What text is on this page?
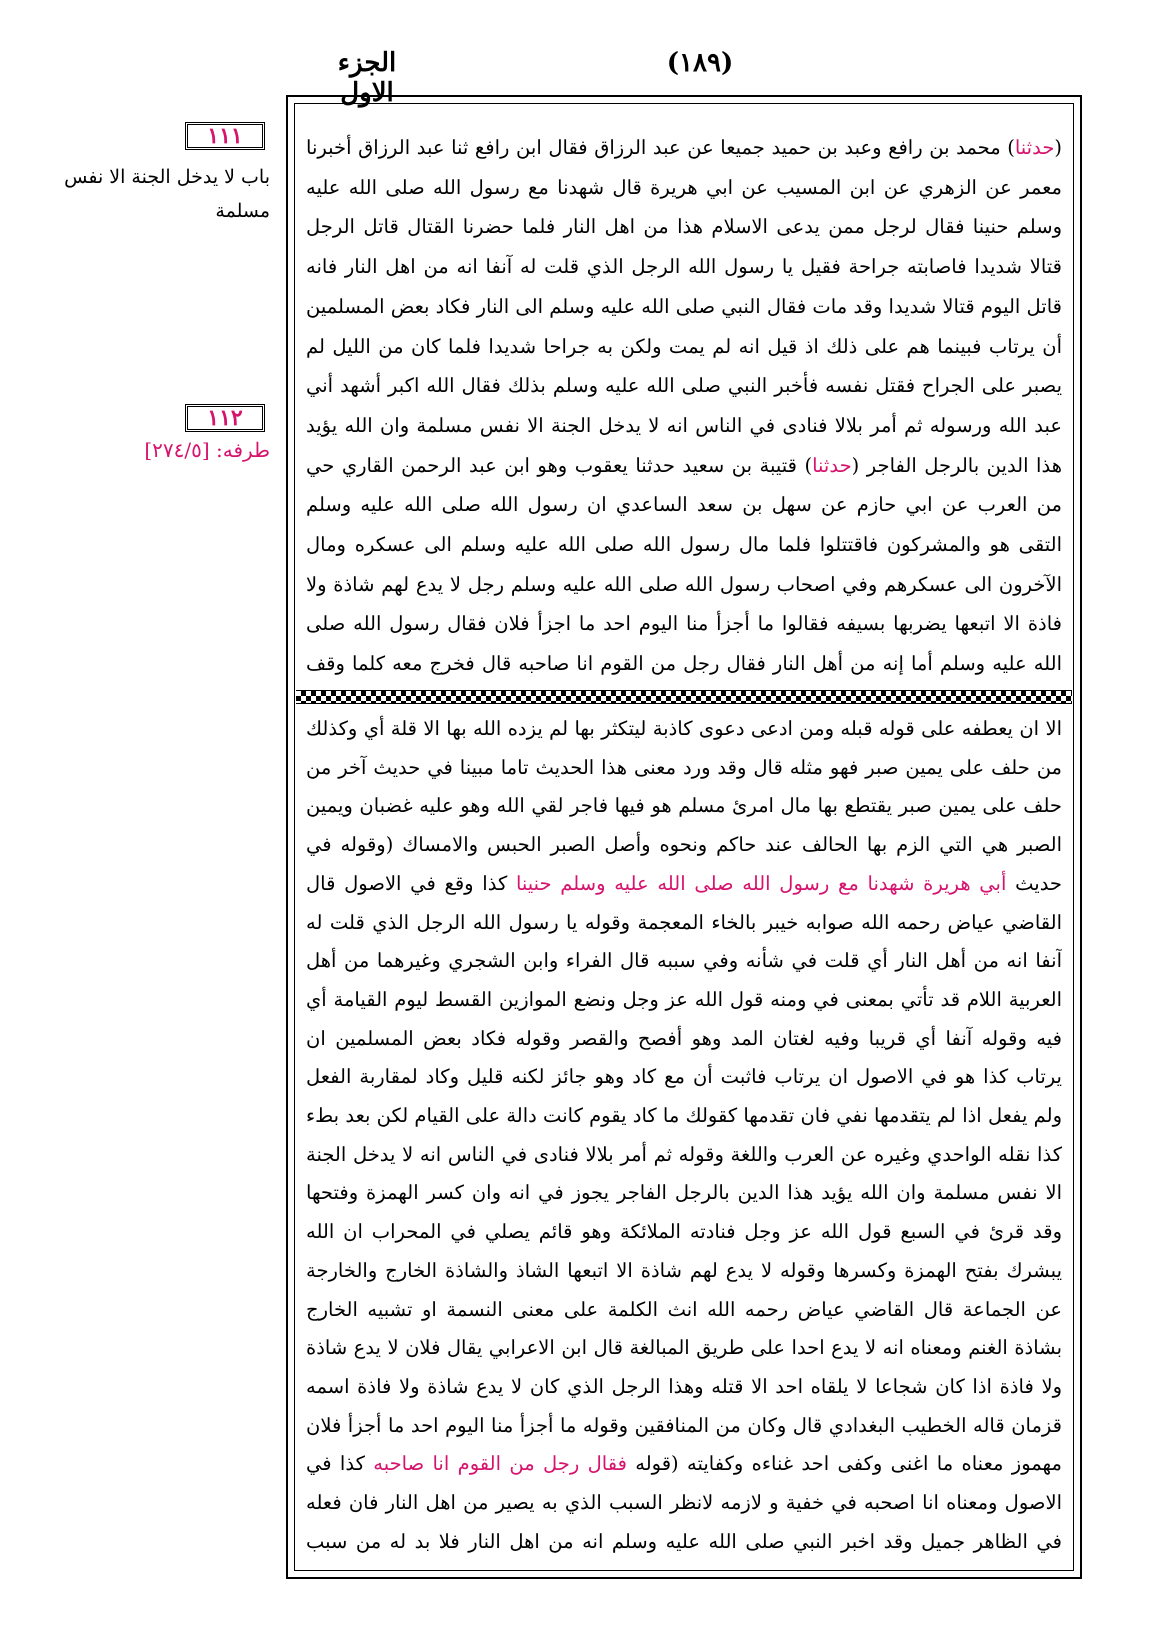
الجزء الاول
(١٨٩)
١١١
باب لا يدخل الجنة الا نفس مسلمة
١١٢
طرفه: [٢٧٤/٥]

(حدثنا) محمد بن رافع وعبد بن حميد جميعا عن عبد الرزاق فقال ابن رافع ثنا عبد الرزاق أخبرنا معمر عن الزهري عن ابن المسيب عن ابي هريرة قال شهدنا مع رسول الله صلى الله عليه وسلم حنينا فقال لرجل ممن يدعى الاسلام هذا من اهل النار فلما حضرنا القتال قاتل الرجل قتالا شديدا فاصابته جراحة فقيل يا رسول الله الرجل الذي قلت له آنفا انه من اهل النار فانه قاتل اليوم قتالا شديدا وقد مات فقال النبي صلى الله عليه وسلم الى النار فكاد بعض المسلمين أن يرتاب فبينما هم على ذلك اذ قيل انه لم يمت ولكن به جراحا شديدا فلما كان من الليل لم يصبر على الجراح فقتل نفسه فأخبر النبي صلى الله عليه وسلم بذلك فقال الله اكبر أشهد أني عبد الله ورسوله ثم أمر بلالا فنادى في الناس انه لا يدخل الجنة الا نفس مسلمة وان الله يؤيد هذا الدين بالرجل الفاجر (حدثنا) قتيبة بن سعيد حدثنا يعقوب وهو ابن عبد الرحمن القاري حي من العرب عن ابي حازم عن سهل بن سعد الساعدي ان رسول الله صلى الله عليه وسلم التقى هو والمشركون فاقتتلوا فلما مال رسول الله صلى الله عليه وسلم الى عسكره ومال الآخرون الى عسكرهم وفي اصحاب رسول الله صلى الله عليه وسلم رجل لا يدع لهم شاذة ولا فاذة الا اتبعها يضربها بسيفه فقالوا ما أجزأ منا اليوم احد ما اجزأ فلان فقال رسول الله صلى الله عليه وسلم أما إنه من أهل النار فقال رجل من القوم انا صاحبه قال فخرج معه كلما وقف

الا ان يعطفه على قوله قبله ومن ادعى دعوى كاذبة ليتكثر بها لم يزده الله بها الا قلة أي وكذلك من حلف على يمين صبر فهو مثله قال وقد ورد معنى هذا الحديث تاما مبينا في حديث آخر من حلف على يمين صبر يقتطع بها مال امرئ مسلم هو فيها فاجر لقي الله وهو عليه غضبان ويمين الصبر هي التي الزم بها الحالف عند حاكم ونحوه وأصل الصبر الحبس والامساك (وقوله في حديث أبي هريرة شهدنا مع رسول الله صلى الله عليه وسلم حنينا كذا وقع في الاصول قال القاضي عياض رحمه الله صوابه خيبر بالخاء المعجمة وقوله يا رسول الله الرجل الذي قلت له آنفا انه من أهل النار أي قلت في شأنه وفي سببه قال الفراء وابن الشجري وغيرهما من أهل العربية اللام قد تأتي بمعنى في ومنه قول الله عز وجل ونضع الموازين القسط ليوم القيامة أي فيه وقوله آنفا أي قريبا وفيه لغتان المد وهو أفصح والقصر وقوله فكاد بعض المسلمين ان يرتاب كذا هو في الاصول ان يرتاب فاثبت أن مع كاد وهو جائز لكنه قليل وكاد لمقاربة الفعل ولم يفعل اذا لم يتقدمها نفي فان تقدمها كقولك ما كاد يقوم كانت دالة على القيام لكن بعد بطء كذا نقله الواحدي وغيره عن العرب واللغة وقوله ثم أمر بلالا فنادى في الناس انه لا يدخل الجنة الا نفس مسلمة وان الله يؤيد هذا الدين بالرجل الفاجر يجوز في انه وان كسر الهمزة وفتحها وقد قرئ في السبع قول الله عز وجل فنادته الملائكة وهو قائم يصلي في المحراب ان الله يبشرك بفتح الهمزة وكسرها وقوله لا يدع لهم شاذة الا اتبعها الشاذ والشاذة الخارج والخارجة عن الجماعة قال القاضي عياض رحمه الله انث الكلمة على معنى النسمة او تشبيه الخارج بشاذة الغنم ومعناه انه لا يدع احدا على طريق المبالغة قال ابن الاعرابي يقال فلان لا يدع شاذة ولا فاذة اذا كان شجاعا لا يلقاه احد الا قتله وهذا الرجل الذي كان لا يدع شاذة ولا فاذة اسمه قزمان قاله الخطيب البغدادي قال وكان من المنافقين وقوله ما أجزأ منا اليوم احد ما أجزأ فلان مهموز معناه ما اغنى وكفى احد غناءه وكفايته (قوله فقال رجل من القوم انا صاحبه كذا في الاصول ومعناه انا اصحبه في خفية و لازمه لانظر السبب الذي به يصير من اهل النار فان فعله في الظاهر جميل وقد اخبر النبي صلى الله عليه وسلم انه من اهل النار فلا بد له من سبب
